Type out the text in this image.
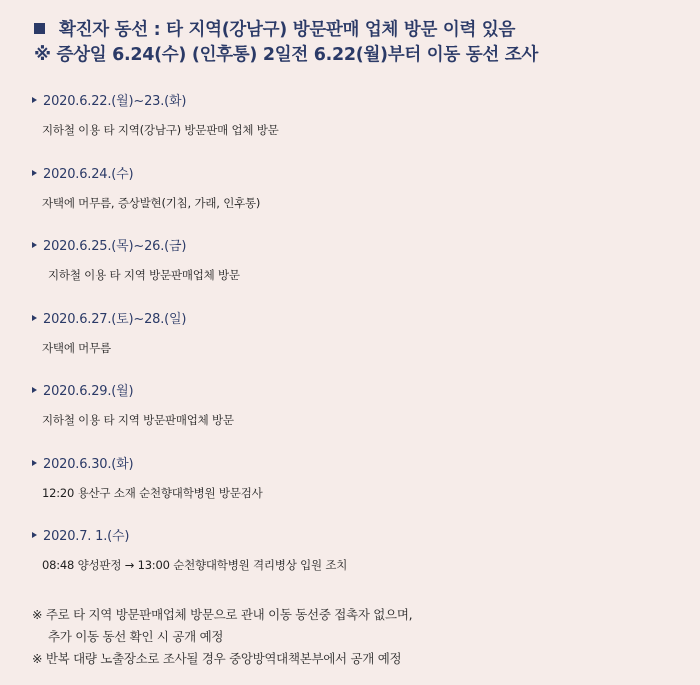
확진자 동선 : 타 지역(강남구) 방문판매 업체 방문 이력 있음
※ 증상일 6.24(수) (인후통) 2일전 6.22(월)부터 이동 동선 조사
2020.6.22.(월)~23.(화)
지하철 이용 타 지역(강남구) 방문판매 업체 방문
2020.6.24.(수)
자택에 머무름, 증상발현(기침, 가래, 인후통)
2020.6.25.(목)~26.(금)
지하철 이용 타 지역 방문판매업체 방문
2020.6.27.(토)~28.(일)
자택에 머무름
2020.6.29.(월)
지하철 이용 타 지역 방문판매업체 방문
2020.6.30.(화)
12:20 용산구 소재 순천향대학병원 방문검사
2020.7. 1.(수)
08:48 양성판정 → 13:00 순천향대학병원 격리병상 입원 조치
※ 주로 타 지역 방문판매업체 방문으로 관내 이동 동선중 접촉자 없으며,
추가 이동 동선 확인 시 공개 예정
※ 반복 대량 노출장소로 조사될 경우 중앙방역대책본부에서 공개 예정
